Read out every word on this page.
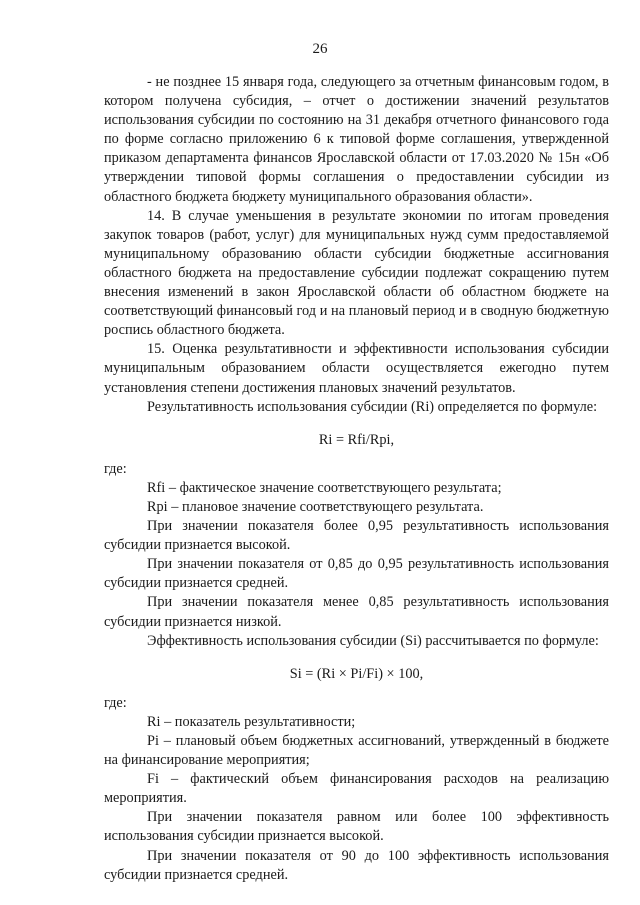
26

- не позднее 15 января года, следующего за отчетным финансовым годом, в котором получена субсидия, – отчет о достижении значений результатов использования субсидии по состоянию на 31 декабря отчетного финансового года по форме согласно приложению 6 к типовой форме соглашения, утвержденной приказом департамента финансов Ярославской области от 17.03.2020 № 15н «Об утверждении типовой формы соглашения о предоставлении субсидии из областного бюджета бюджету муниципального образования области».

14. В случае уменьшения в результате экономии по итогам проведения закупок товаров (работ, услуг) для муниципальных нужд сумм предоставляемой муниципальному образованию области субсидии бюджетные ассигнования областного бюджета на предоставление субсидии подлежат сокращению путем внесения изменений в закон Ярославской области об областном бюджете на соответствующий финансовый год и на плановый период и в сводную бюджетную роспись областного бюджета.

15. Оценка результативности и эффективности использования субсидии муниципальным образованием области осуществляется ежегодно путем установления степени достижения плановых значений результатов.

Результативность использования субсидии (Ri) определяется по формуле:

Ri = Rfi/Rpi,

где:

Rfi – фактическое значение соответствующего результата;

Rpi – плановое значение соответствующего результата.

При значении показателя более 0,95 результативность использования субсидии признается высокой.

При значении показателя от 0,85 до 0,95 результативность использования субсидии признается средней.

При значении показателя менее 0,85 результативность использования субсидии признается низкой.

Эффективность использования субсидии (Si) рассчитывается по формуле:

Si = (Ri × Pi/Fi) × 100,

где:

Ri – показатель результативности;

Pi – плановый объем бюджетных ассигнований, утвержденный в бюджете на финансирование мероприятия;

Fi – фактический объем финансирования расходов на реализацию мероприятия.

При значении показателя равном или более 100 эффективность использования субсидии признается высокой.

При значении показателя от 90 до 100 эффективность использования субсидии признается средней.
